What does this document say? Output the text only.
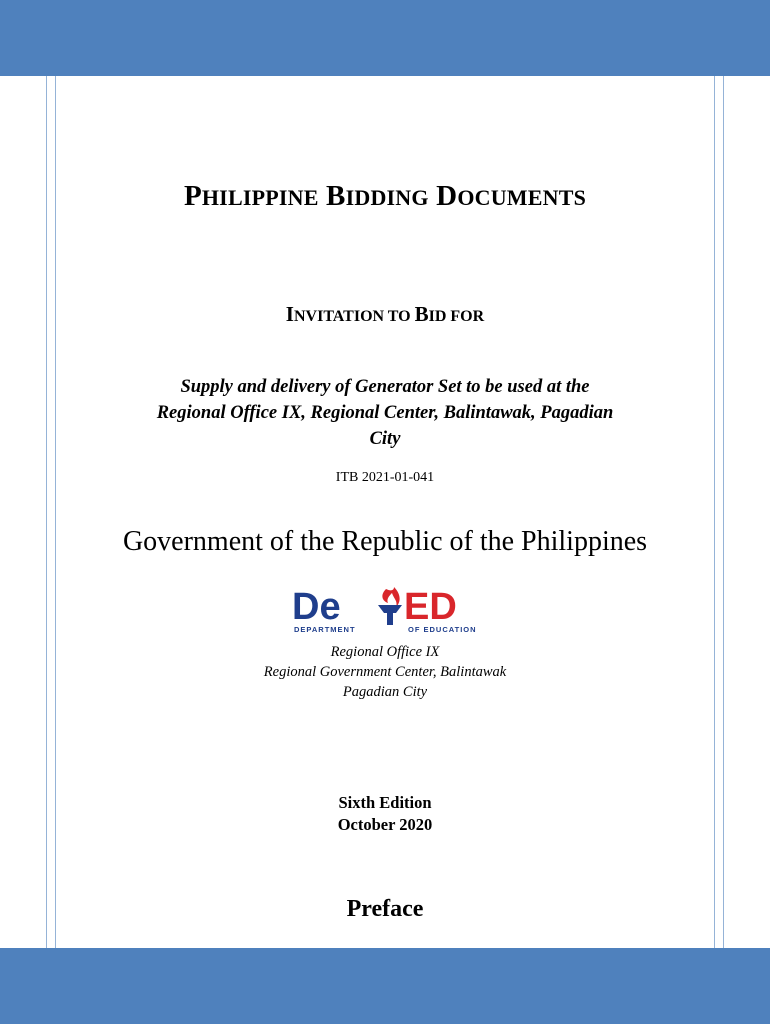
PHILIPPINE BIDDING DOCUMENTS
INVITATION TO BID FOR
Supply and delivery of Generator Set to be used at the
Regional Office IX, Regional Center, Balintawak, Pagadian
City
ITB 2021-01-041
Government of the Republic of the Philippines
De ED
DEPARTMENT	OF EDUCATION
Regional Office IX
Regional Government Center, Balintawak
Pagadian City
Sixth Edition
October 2020
Preface
